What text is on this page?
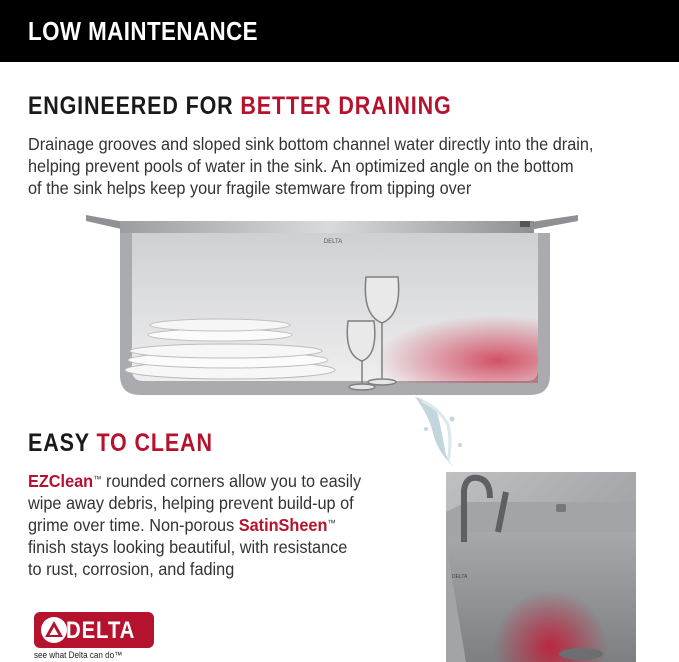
LOW MAINTENANCE
ENGINEERED FOR BETTER DRAINING
Drainage grooves and sloped sink bottom channel water directly into the drain,
helping prevent pools of water in the sink. An optimized angle on the bottom
of the sink helps keep your fragile stemware from tipping over
DELTA
EASY TO CLEAN
EZClean™ rounded corners allow you to easily
wipe away debris, helping prevent build-up of
grime over time. Non-porous SatinSheen™
finish stays looking beautiful, with resistance
to rust, corrosion, and fading	DELTA
DELTA
see what Delta can do™
